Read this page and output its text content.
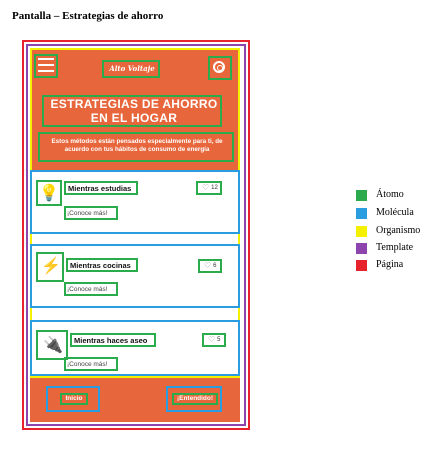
Pantalla – Estrategias de ahorro
Alto Voltaje
ESTRATEGIAS DE AHORRO EN EL HOGAR
Estos métodos están pensados especialmente para ti, de acuerdo con tus hábitos de consumo de energía
💡 Mientras estudias	♡ 12
¡Conoce más!
⚡	Mientras cocinas	♡ 6
¡Conoce más!
🔌	Mientras haces aseo	♡ 5
¡Conoce más!
Inicio	¡Entendido!
Átomo
Molécula
Organismo
Template
Página
